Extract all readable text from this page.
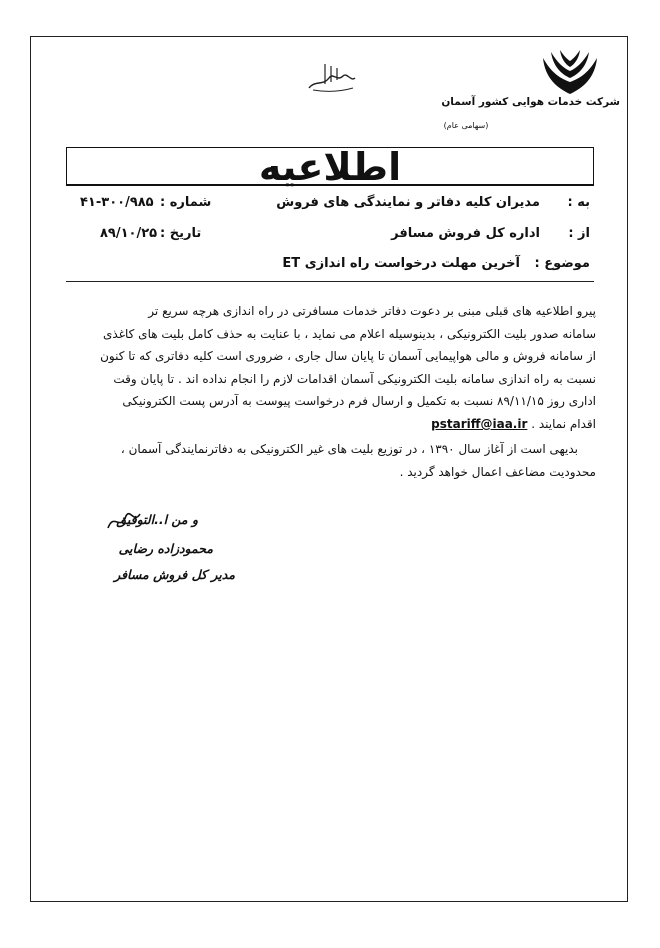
شرکت خدمات هوایی کشور آسمان
(سهامی عام)
اطلاعیه
به :
مدیران کلیه دفاتر و نمایندگی های فروش
از :
اداره کل فروش مسافر
موضوع :
آخرین مهلت درخواست راه اندازی ET
شماره :
۴۱-۳۰۰/۹۸۵
تاریخ :
۸۹/۱۰/۲۵
پیرو اطلاعیه های قبلی مبنی بر دعوت دفاتر خدمات مسافرتی در راه اندازی هرچه سریع تر
سامانه صدور بلیت الکترونیکی ، بدینوسیله اعلام می نماید ، با عنایت به حذف کامل بلیت های کاغذی
از سامانه فروش و مالی هواپیمایی آسمان تا پایان سال جاری ، ضروری است کلیه دفاتری که تا کنون
نسبت به راه اندازی سامانه بلیت الکترونیکی آسمان اقدامات لازم را انجام نداده اند . تا پایان وقت
اداری روز ۸۹/۱۱/۱۵ نسبت به تکمیل و ارسال فرم درخواست پیوست به آدرس پست الکترونیکی
اقدام نمایند . pstariff@iaa.ir
بدیهی است از آغاز سال ۱۳۹۰ ، در توزیع بلیت های غیر الکترونیکی به دفاترنمایندگی آسمان ،
محدودیت مضاعف اعمال خواهد گردید .
و من ا..التوفیق
محمودزاده رضایی
مدیر کل فروش مسافر
